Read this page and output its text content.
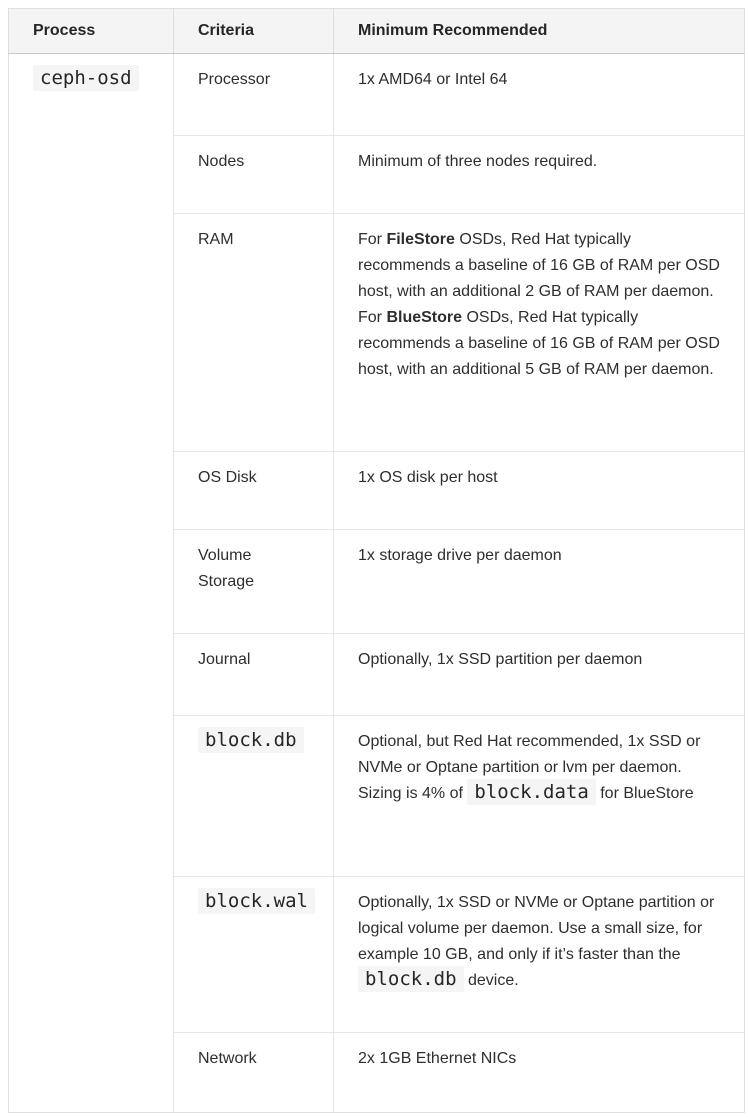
Process	Criteria	Minimum Recommended
ceph-osd	Processor	1x AMD64 or Intel 64
	Nodes	Minimum of three nodes required.
	RAM	For FileStore OSDs, Red Hat typically recommends a baseline of 16 GB of RAM per OSD host, with an additional 2 GB of RAM per daemon. For BlueStore OSDs, Red Hat typically recommends a baseline of 16 GB of RAM per OSD host, with an additional 5 GB of RAM per daemon.
	OS Disk	1x OS disk per host
	Volume Storage	1x storage drive per daemon
	Journal	Optionally, 1x SSD partition per daemon
	block.db	Optional, but Red Hat recommended, 1x SSD or NVMe or Optane partition or lvm per daemon. Sizing is 4% of block.data for BlueStore
	block.wal	Optionally, 1x SSD or NVMe or Optane partition or logical volume per daemon. Use a small size, for example 10 GB, and only if it’s faster than the block.db device.
	Network	2x 1GB Ethernet NICs
